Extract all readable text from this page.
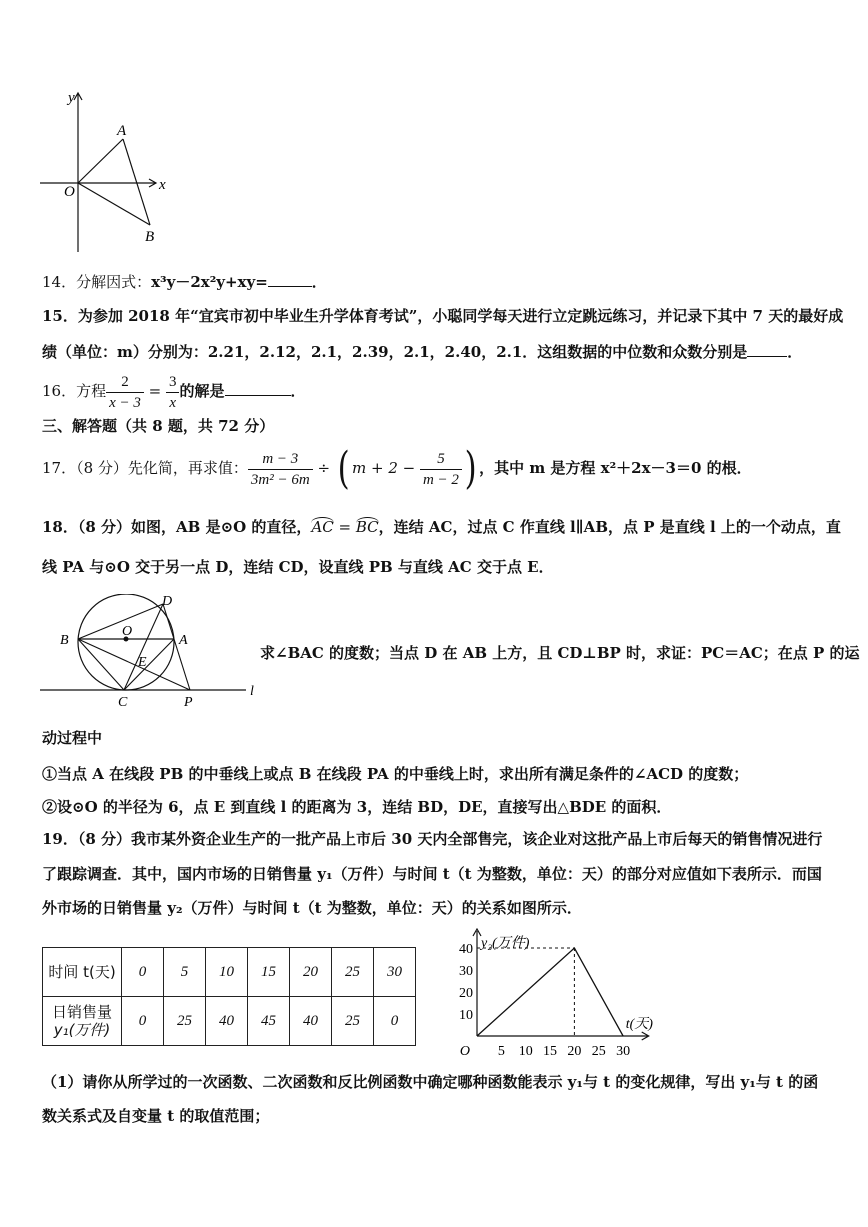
y
x
O
A
B
14．分解因式：x³y－2x²y+xy=	．
15．为参加 2018 年“宜宾市初中毕业生升学体育考试”，小聪同学每天进行立定跳远练习，并记录下其中 7 天的最好成
绩（单位：m）分别为：2.21，2.12，2.1，2.39，2.1，2.40，2.1．这组数据的中位数和众数分别是	．
16．方程 $\frac{2}{x - 3} = \frac{3}{x}$ 的解是	．
三、解答题（共 8 题，共 72 分）
17．（8 分）先化简，再求值： $\frac{m - 3}{\text{3m² − 6m}}$ ÷ ( $m + 2 - \frac{5}{m - 2}$ ) ，其中 m 是方程 x²＋2x－3＝0 的根．
18．（8 分）如图，AB 是⊙O 的直径，AC = BC，连结 AC，过点 C 作直线 l∥AB，点 P 是直线 l 上的一个动点，直
线 PA 与⊙O 交于另一点 D，连结 CD，设直线 PB 与直线 AC 交于点 E．
B
O
A
D
E
C	P
l
求∠BAC 的度数；当点 D 在 AB 上方，且 CD⊥BP 时，求证：PC＝AC；在点 P 的运
动过程中
①当点 A 在线段 PB 的中垂线上或点 B 在线段 PA 的中垂线上时，求出所有满足条件的∠ACD 的度数；
②设⊙O 的半径为 6，点 E 到直线 l 的距离为 3，连结 BD，DE，直接写出△BDE 的面积．
19．（8 分）我市某外资企业生产的一批产品上市后 30 天内全部售完，该企业对这批产品上市后每天的销售情况进行
了跟踪调查．其中，国内市场的日销售量 y₁（万件）与时间 t（t 为整数，单位：天）的部分对应值如下表所示．而国
外市场的日销售量 y₂（万件）与时间 t（t 为整数，单位：天）的关系如图所示．
时间 t(天)	0	5	10	15	20	25	30
日销售量
y₁(万件)	0	25	40	45	40	25	0
5 10 15 20 25 30
10
20
30
40
O
y₂(万件)
t(天)
（1）请你从所学过的一次函数、二次函数和反比例函数中确定哪种函数能表示 y₁与 t 的变化规律，写出 y₁与 t 的函
数关系式及自变量 t 的取值范围；
